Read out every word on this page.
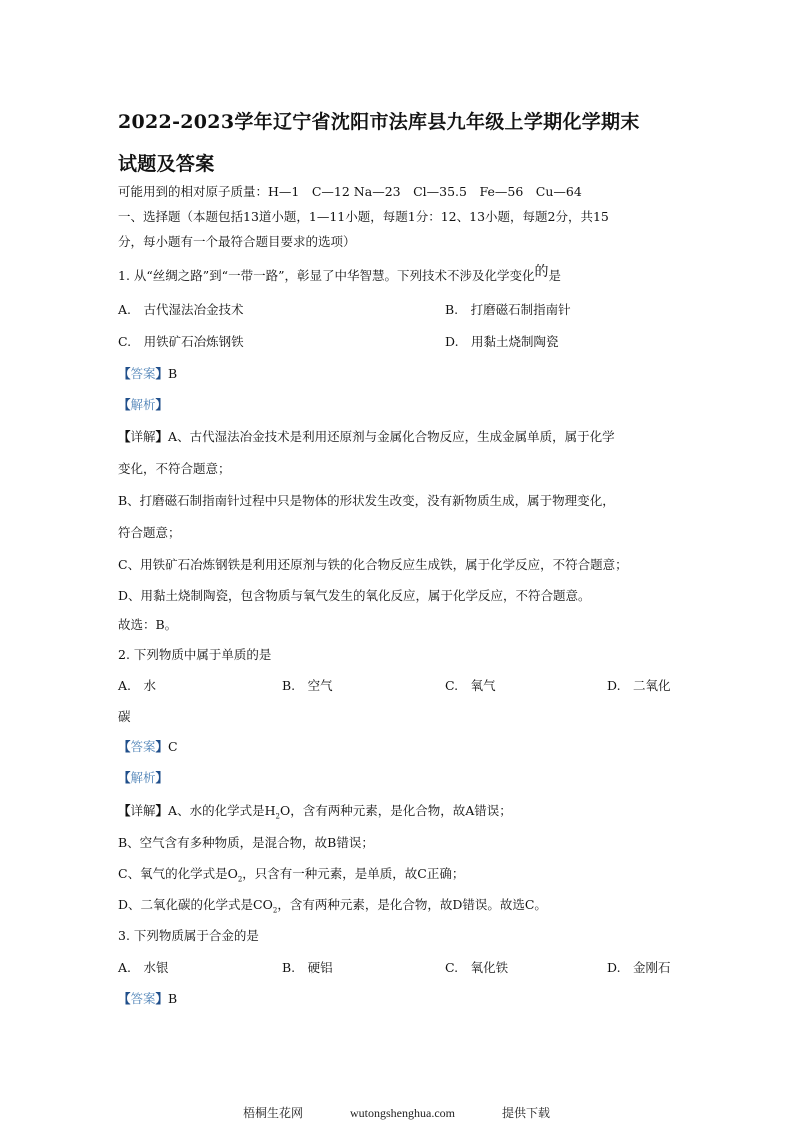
2022-2023学年辽宁省沈阳市法库县九年级上学期化学期末
试题及答案
可能用到的相对原子质量：H—1　C—12 Na—23　Cl—35.5　Fe—56　Cu—64
一、选择题（本题包括13道小题，1—11小题，每题1分：12、13小题，每题2分，共15
分，每小题有一个最符合题目要求的选项）
1. 从“丝绸之路”到“一带一路”，彰显了中华智慧。下列技术不涉及化学变化的是
A.　古代湿法冶金技术	B.　打磨磁石制指南针
C.　用铁矿石冶炼钢铁	D.　用黏土烧制陶瓷
【答案】B
【解析】
【详解】A、古代湿法冶金技术是利用还原剂与金属化合物反应，生成金属单质，属于化学
变化，不符合题意；
B、打磨磁石制指南针过程中只是物体的形状发生改变，没有新物质生成，属于物理变化，
符合题意；
C、用铁矿石冶炼钢铁是利用还原剂与铁的化合物反应生成铁，属于化学反应，不符合题意；
D、用黏土烧制陶瓷，包含物质与氧气发生的氧化反应，属于化学反应，不符合题意。
故选：B。
2. 下列物质中属于单质的是
A.　水	B.　空气	C.　氧气	D.　二氧化
碳
【答案】C
【解析】
【详解】A、水的化学式是$H_2O$，含有两种元素，是化合物，故A错误；
B、空气含有多种物质，是混合物，故B错误；
C、氧气的化学式是$O_2$，只含有一种元素，是单质，故C正确；
D、二氧化碳的化学式是$CO_2$，含有两种元素，是化合物，故D错误。故选C。
3. 下列物质属于合金的是
A.　水银	B.　硬铝	C.　氧化铁	D.　金刚石
【答案】B
梧桐生花网	wutongshenghua.com	提供下载
